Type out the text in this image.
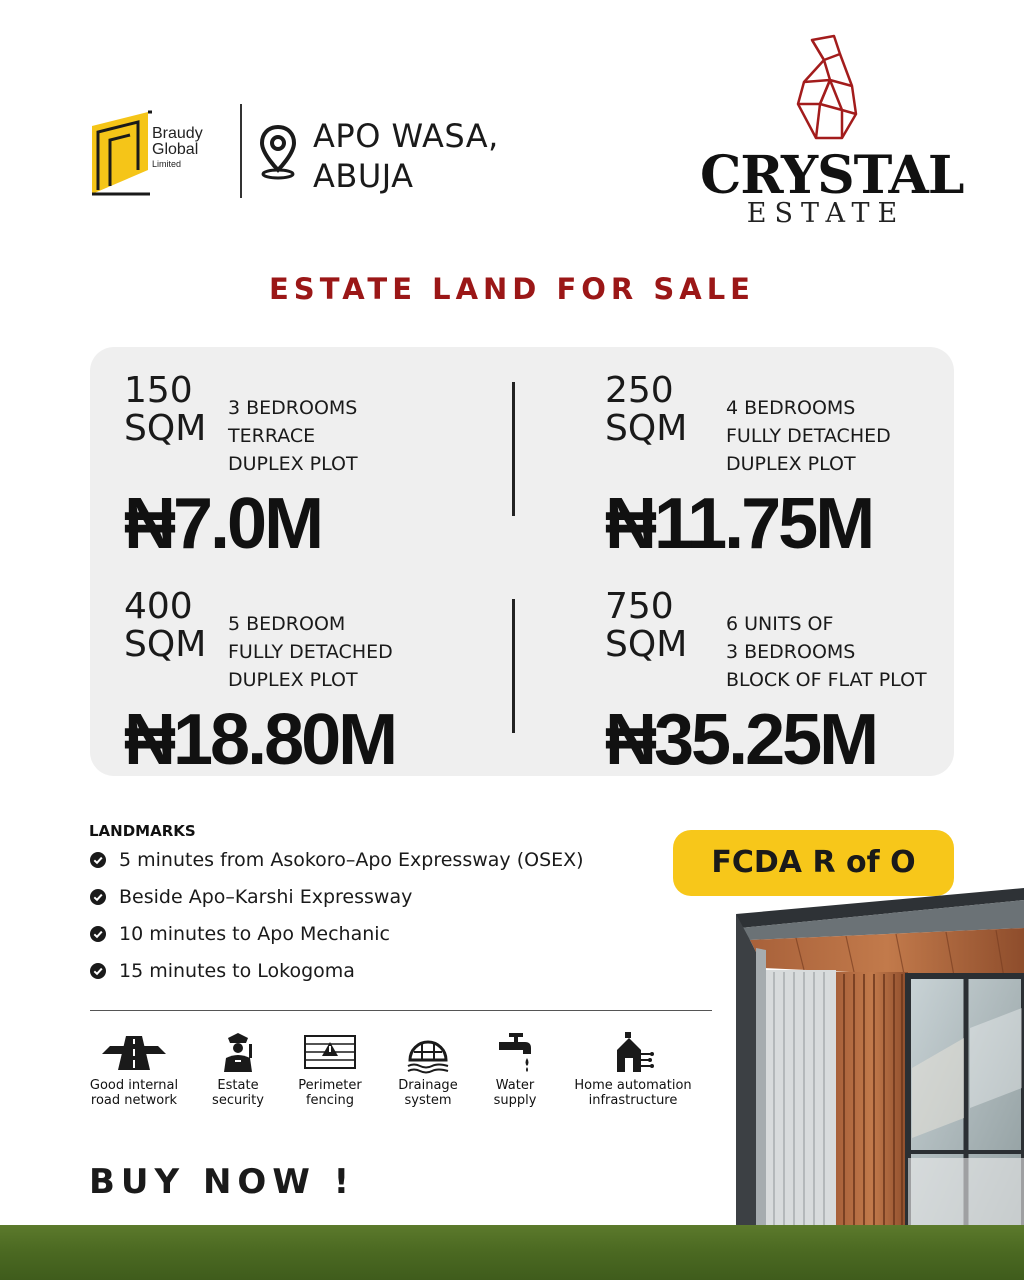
Braudy
Global
Limited
APO WASA,
ABUJA	CRYSTAL
ESTATE
ESTATE LAND FOR SALE
150
SQM 3 BEDROOMS
TERRACE
DUPLEX PLOT
₦7.0M
250
SQM 4 BEDROOMS
FULLY DETACHED
DUPLEX PLOT
₦11.75M
400
SQM 5 BEDROOM
FULLY DETACHED
DUPLEX PLOT
₦18.80M
750
SQM 6 UNITS OF
3 BEDROOMS
BLOCK OF FLAT PLOT
₦35.25M
LANDMARKS
5 minutes from Asokoro–Apo Expressway (OSEX)
Beside Apo–Karshi Expressway
10 minutes to Apo Mechanic
15 minutes to Lokogoma
FCDA R of O
Good internal
road network
Estate
security
Perimeter
fencing
Drainage
system
Water
supply
Home automation
infrastructure
BUY NOW !
